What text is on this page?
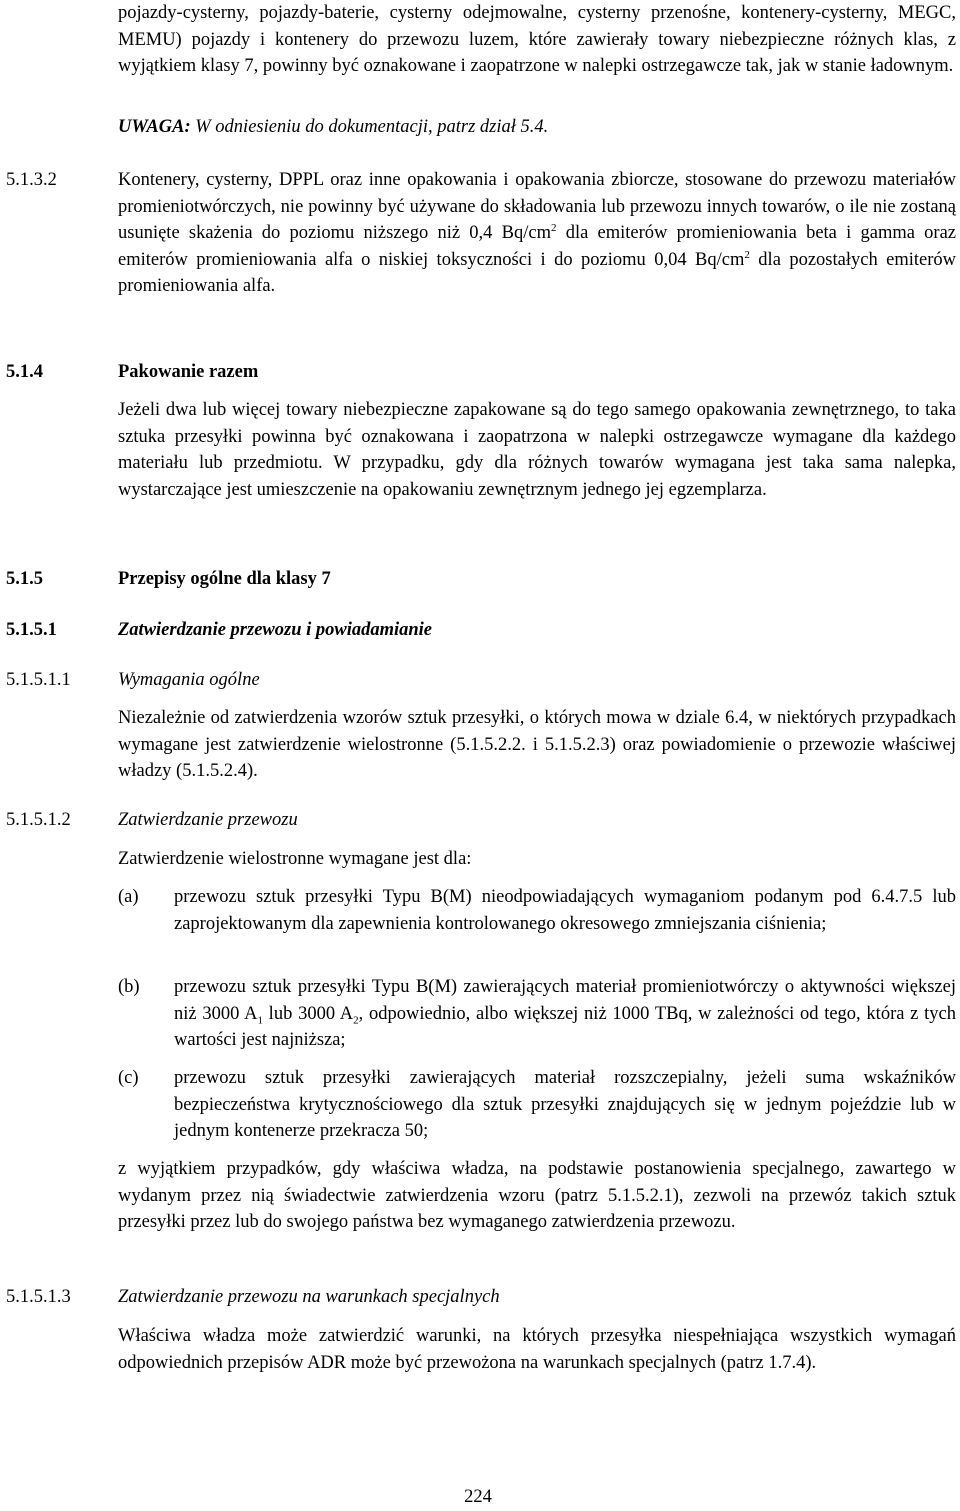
pojazdy-cysterny, pojazdy-baterie, cysterny odejmowalne, cysterny przenośne, kontenery-cysterny, MEGC, MEMU) pojazdy i kontenery do przewozu luzem, które zawierały towary niebezpieczne różnych klas, z wyjątkiem klasy 7, powinny być oznakowane i zaopatrzone w nalepki ostrzegawcze tak, jak w stanie ładownym.

UWAGA: W odniesieniu do dokumentacji, patrz dział 5.4.

5.1.3.2	Kontenery, cysterny, DPPL oraz inne opakowania i opakowania zbiorcze, stosowane do przewozu materiałów promieniotwórczych, nie powinny być używane do składowania lub przewozu innych towarów, o ile nie zostaną usunięte skażenia do poziomu niższego niż 0,4 $Bq/cm^2$ dla emiterów promieniowania beta i gamma oraz emiterów promieniowania alfa o niskiej toksyczności i do poziomu 0,04 $Bq/cm^2$ dla pozostałych emiterów promieniowania alfa.

5.1.4	Pakowanie razem

Jeżeli dwa lub więcej towary niebezpieczne zapakowane są do tego samego opakowania zewnętrznego, to taka sztuka przesyłki powinna być oznakowana i zaopatrzona w nalepki ostrzegawcze wymagane dla każdego materiału lub przedmiotu. W przypadku, gdy dla różnych towarów wymagana jest taka sama nalepka, wystarczające jest umieszczenie na opakowaniu zewnętrznym jednego jej egzemplarza.

5.1.5	Przepisy ogólne dla klasy 7
5.1.5.1	Zatwierdzanie przewozu i powiadamianie
5.1.5.1.1	Wymagania ogólne

Niezależnie od zatwierdzenia wzorów sztuk przesyłki, o których mowa w dziale 6.4, w niektórych przypadkach wymagane jest zatwierdzenie wielostronne (5.1.5.2.2. i 5.1.5.2.3) oraz powiadomienie o przewozie właściwej władzy (5.1.5.2.4).

5.1.5.1.2	Zatwierdzanie przewozu

Zatwierdzenie wielostronne wymagane jest dla:

(a) przewozu sztuk przesyłki Typu B(M) nieodpowiadających wymaganiom podanym pod 6.4.7.5 lub zaprojektowanym dla zapewnienia kontrolowanego okresowego zmniejszania ciśnienia;

(b) przewozu sztuk przesyłki Typu B(M) zawierających materiał promieniotwórczy o aktywności większej niż 3000 $A_1$ lub 3000 $A_2$, odpowiednio, albo większej niż 1000 TBq, w zależności od tego, która z tych wartości jest najniższa;

(c) przewozu sztuk przesyłki zawierających materiał rozszczepialny, jeżeli suma wskaźników bezpieczeństwa krytycznościowego dla sztuk przesyłki znajdujących się w jednym pojeździe lub w jednym kontenerze przekracza 50;

z wyjątkiem przypadków, gdy właściwa władza, na podstawie postanowienia specjalnego, zawartego w wydanym przez nią świadectwie zatwierdzenia wzoru (patrz 5.1.5.2.1), zezwoli na przewóz takich sztuk przesyłki przez lub do swojego państwa bez wymaganego zatwierdzenia przewozu.

5.1.5.1.3	Zatwierdzanie przewozu na warunkach specjalnych

Właściwa władza może zatwierdzić warunki, na których przesyłka niespełniająca wszystkich wymagań odpowiednich przepisów ADR może być przewożona na warunkach specjalnych (patrz 1.7.4).

224
